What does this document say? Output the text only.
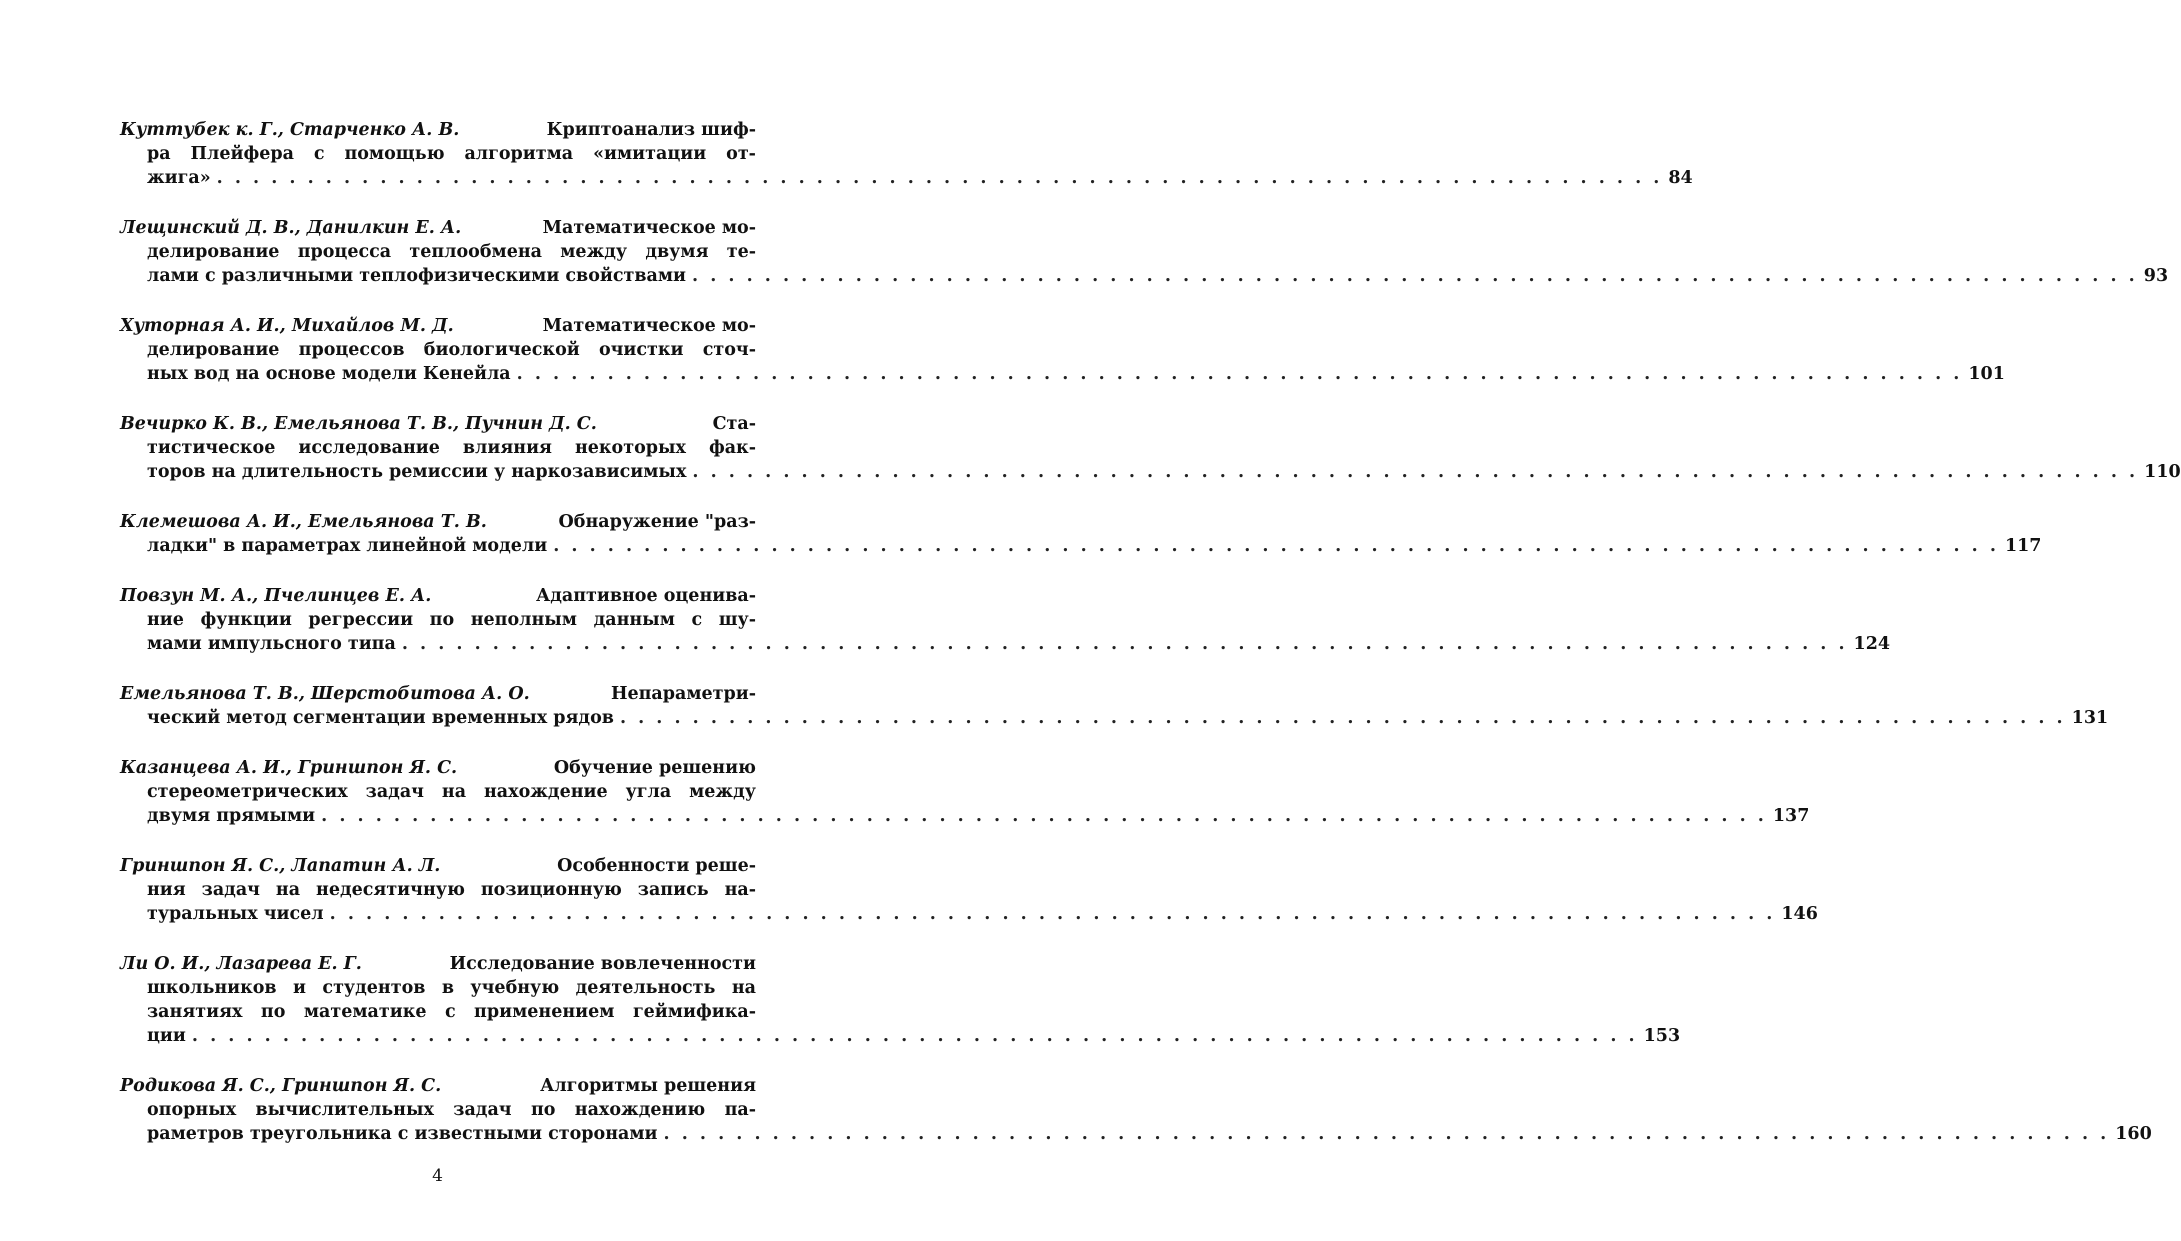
Куттубек к. Г., Старченко А. В.	Криптоанализ шиф-
ра Плейфера с помощью алгоритма «имитации от-
жига» . . . . . . . . . . . . . . . . . . . . . . . . . . . . . . . . . . . . . . . . . . . . . . . . . . . . . . . . . . . . . . . . . . . . . . . . . . . . . . . . 84
Лещинский Д. В., Данилкин Е. А.	Математическое мо-
делирование процесса теплообмена между двумя те-
лами с различными теплофизическими свойствами . . . . . . . . . . . . . . . . . . . . . . . . . . . . . . . . . . . . . . . . . . . . . . . . . . . . . . . . . . . . . . . . . . . . . . . . . . . . . . . . 93
Хуторная А. И., Михайлов М. Д.	Математическое мо-
делирование процессов биологической очистки сточ-
ных вод на основе модели Кенейла . . . . . . . . . . . . . . . . . . . . . . . . . . . . . . . . . . . . . . . . . . . . . . . . . . . . . . . . . . . . . . . . . . . . . . . . . . . . . . . . 101
Вечирко К. В., Емельянова Т. В., Пучнин Д. С.	Ста-
тистическое исследование влияния некоторых фак-
торов на длительность ремиссии у наркозависимых . . . . . . . . . . . . . . . . . . . . . . . . . . . . . . . . . . . . . . . . . . . . . . . . . . . . . . . . . . . . . . . . . . . . . . . . . . . . . . . . 110
Клемешова А. И., Емельянова Т. В.	Обнаружение "раз-
ладки" в параметрах линейной модели . . . . . . . . . . . . . . . . . . . . . . . . . . . . . . . . . . . . . . . . . . . . . . . . . . . . . . . . . . . . . . . . . . . . . . . . . . . . . . . . 117
Повзун М. А., Пчелинцев Е. А.	Адаптивное оценива-
ние функции регрессии по неполным данным с шу-
мами импульсного типа . . . . . . . . . . . . . . . . . . . . . . . . . . . . . . . . . . . . . . . . . . . . . . . . . . . . . . . . . . . . . . . . . . . . . . . . . . . . . . . . 124
Емельянова Т. В., Шерстобитова А. О.	Непараметри-
ческий метод сегментации временных рядов . . . . . . . . . . . . . . . . . . . . . . . . . . . . . . . . . . . . . . . . . . . . . . . . . . . . . . . . . . . . . . . . . . . . . . . . . . . . . . . . 131
Казанцева А. И., Гриншпон Я. С.	Обучение решению
стереометрических задач на нахождение угла между
двумя прямыми . . . . . . . . . . . . . . . . . . . . . . . . . . . . . . . . . . . . . . . . . . . . . . . . . . . . . . . . . . . . . . . . . . . . . . . . . . . . . . . . 137
Гриншпон Я. С., Лапатин А. Л.	Особенности реше-
ния задач на недесятичную позиционную запись на-
туральных чисел . . . . . . . . . . . . . . . . . . . . . . . . . . . . . . . . . . . . . . . . . . . . . . . . . . . . . . . . . . . . . . . . . . . . . . . . . . . . . . . . 146
Ли О. И., Лазарева Е. Г.	Исследование вовлеченности
школьников и студентов в учебную деятельность на
занятиях по математике с применением геймифика-
ции . . . . . . . . . . . . . . . . . . . . . . . . . . . . . . . . . . . . . . . . . . . . . . . . . . . . . . . . . . . . . . . . . . . . . . . . . . . . . . . . 153
Родикова Я. С., Гриншпон Я. С.	Алгоритмы решения
опорных вычислительных задач по нахождению па-
раметров треугольника с известными сторонами . . . . . . . . . . . . . . . . . . . . . . . . . . . . . . . . . . . . . . . . . . . . . . . . . . . . . . . . . . . . . . . . . . . . . . . . . . . . . . . . 160
4
